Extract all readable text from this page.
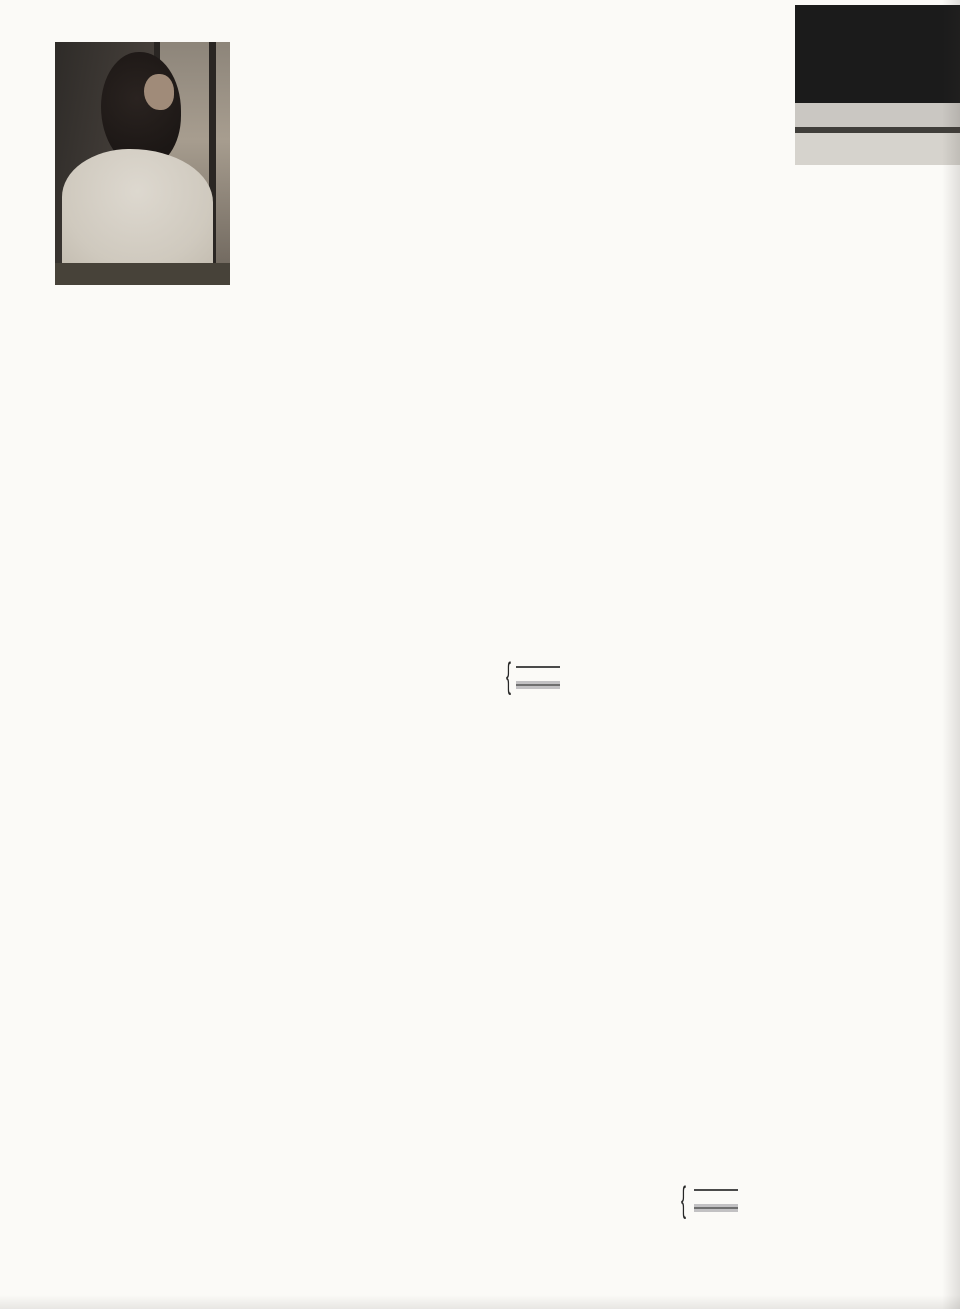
{
{
